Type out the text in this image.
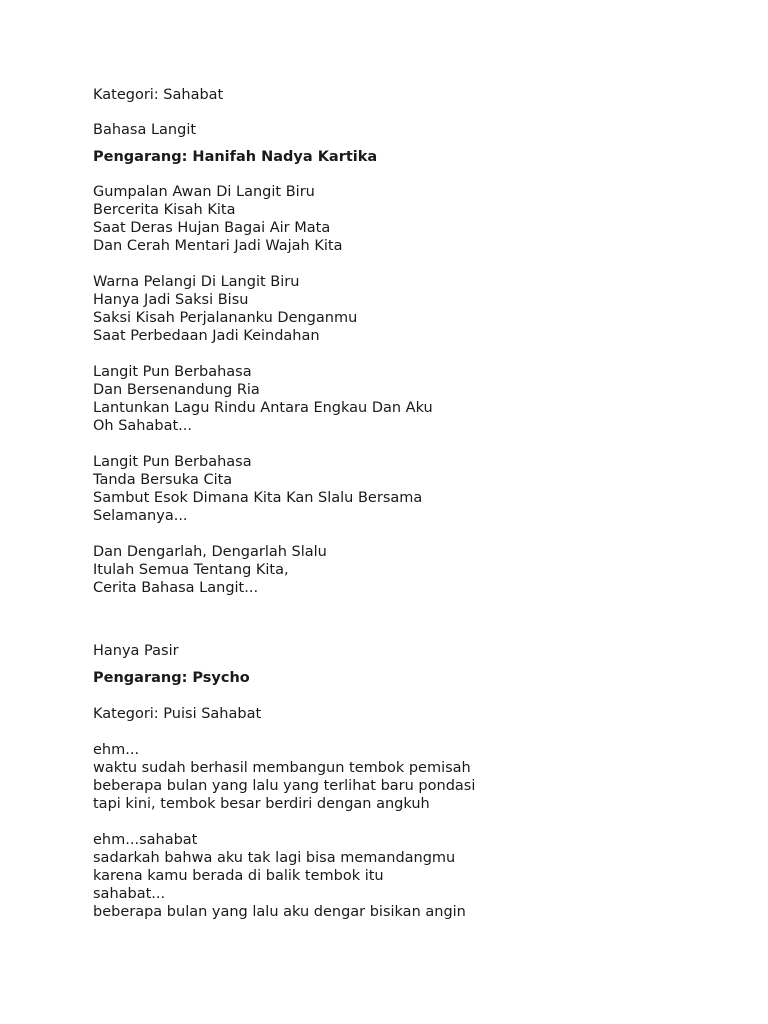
Kategori: Sahabat
Bahasa Langit
Pengarang: Hanifah Nadya Kartika
Gumpalan Awan Di Langit Biru
Bercerita Kisah Kita
Saat Deras Hujan Bagai Air Mata
Dan Cerah Mentari Jadi Wajah Kita
Warna Pelangi Di Langit Biru
Hanya Jadi Saksi Bisu
Saksi Kisah Perjalananku Denganmu
Saat Perbedaan Jadi Keindahan
Langit Pun Berbahasa
Dan Bersenandung Ria
Lantunkan Lagu Rindu Antara Engkau Dan Aku
Oh Sahabat...
Langit Pun Berbahasa
Tanda Bersuka Cita
Sambut Esok Dimana Kita Kan Slalu Bersama
Selamanya...
Dan Dengarlah, Dengarlah Slalu
Itulah Semua Tentang Kita,
Cerita Bahasa Langit...
Hanya Pasir
Pengarang: Psycho
Kategori: Puisi Sahabat
ehm...
waktu sudah berhasil membangun tembok pemisah
beberapa bulan yang lalu yang terlihat baru pondasi
tapi kini, tembok besar berdiri dengan angkuh
ehm...sahabat
sadarkah bahwa aku tak lagi bisa memandangmu
karena kamu berada di balik tembok itu
sahabat...
beberapa bulan yang lalu aku dengar bisikan angin
